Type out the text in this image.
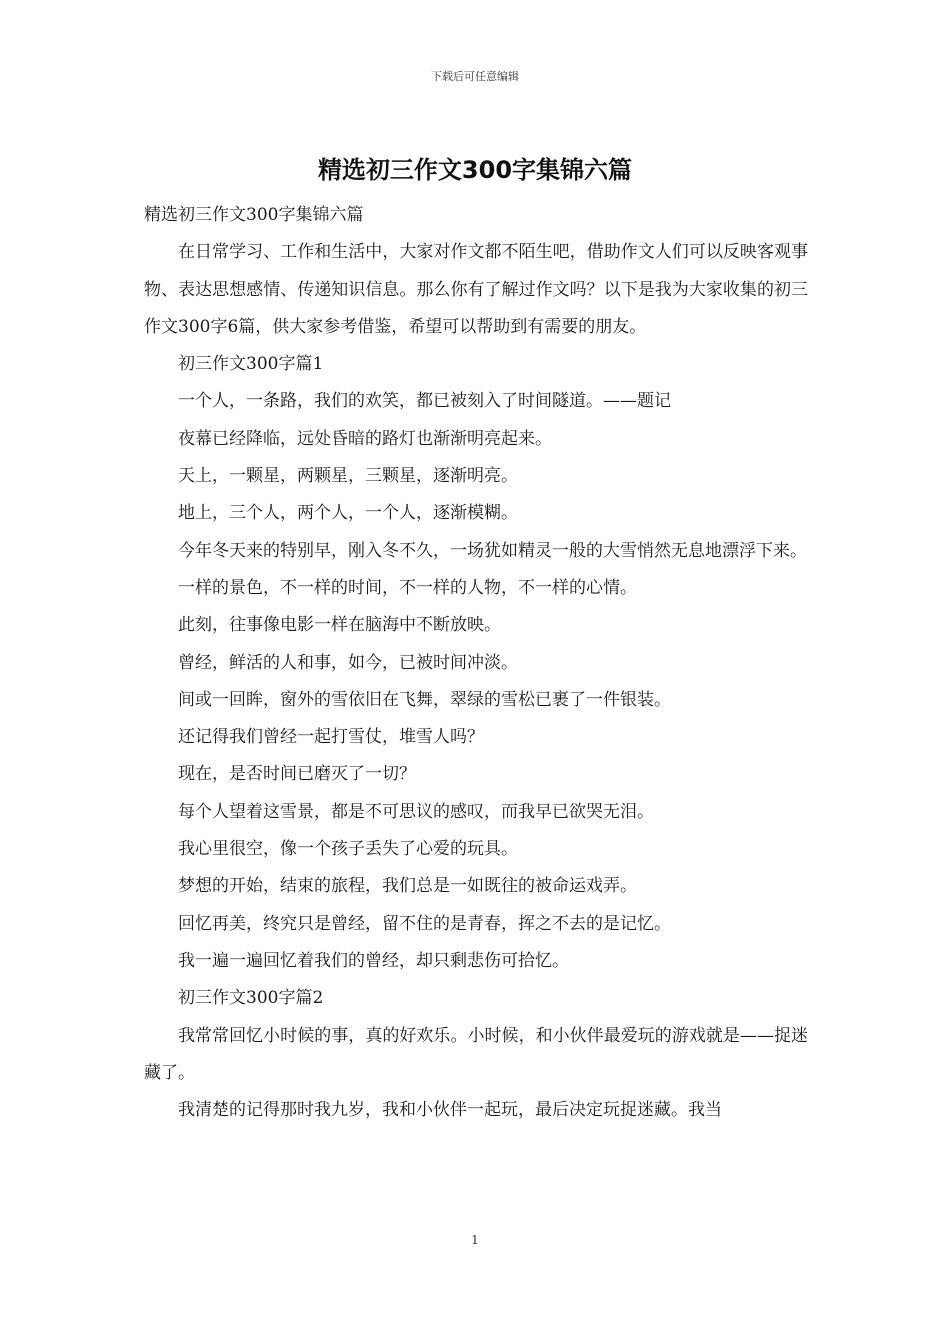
下载后可任意编辑
精选初三作文300字集锦六篇

精选初三作文300字集锦六篇

在日常学习、工作和生活中，大家对作文都不陌生吧，借助作文人们可以反映客观事物、表达思想感情、传递知识信息。那么你有了解过作文吗？以下是我为大家收集的初三作文300字6篇，供大家参考借鉴，希望可以帮助到有需要的朋友。

初三作文300字篇1

一个人，一条路，我们的欢笑，都已被刻入了时间隧道。——题记

夜幕已经降临，远处昏暗的路灯也渐渐明亮起来。

天上，一颗星，两颗星，三颗星，逐渐明亮。

地上，三个人，两个人，一个人，逐渐模糊。

今年冬天来的特别早，刚入冬不久，一场犹如精灵一般的大雪悄然无息地漂浮下来。

一样的景色，不一样的时间，不一样的人物，不一样的心情。

此刻，往事像电影一样在脑海中不断放映。

曾经，鲜活的人和事，如今，已被时间冲淡。

间或一回眸，窗外的雪依旧在飞舞，翠绿的雪松已裹了一件银装。

还记得我们曾经一起打雪仗，堆雪人吗？

现在，是否时间已磨灭了一切？

每个人望着这雪景，都是不可思议的感叹，而我早已欲哭无泪。

我心里很空，像一个孩子丢失了心爱的玩具。

梦想的开始，结束的旅程，我们总是一如既往的被命运戏弄。

回忆再美，终究只是曾经，留不住的是青春，挥之不去的是记忆。

我一遍一遍回忆着我们的曾经，却只剩悲伤可拾忆。

初三作文300字篇2

我常常回忆小时候的事，真的好欢乐。小时候，和小伙伴最爱玩的游戏就是——捉迷藏了。

我清楚的记得那时我九岁，我和小伙伴一起玩，最后决定玩捉迷藏。我当

1
